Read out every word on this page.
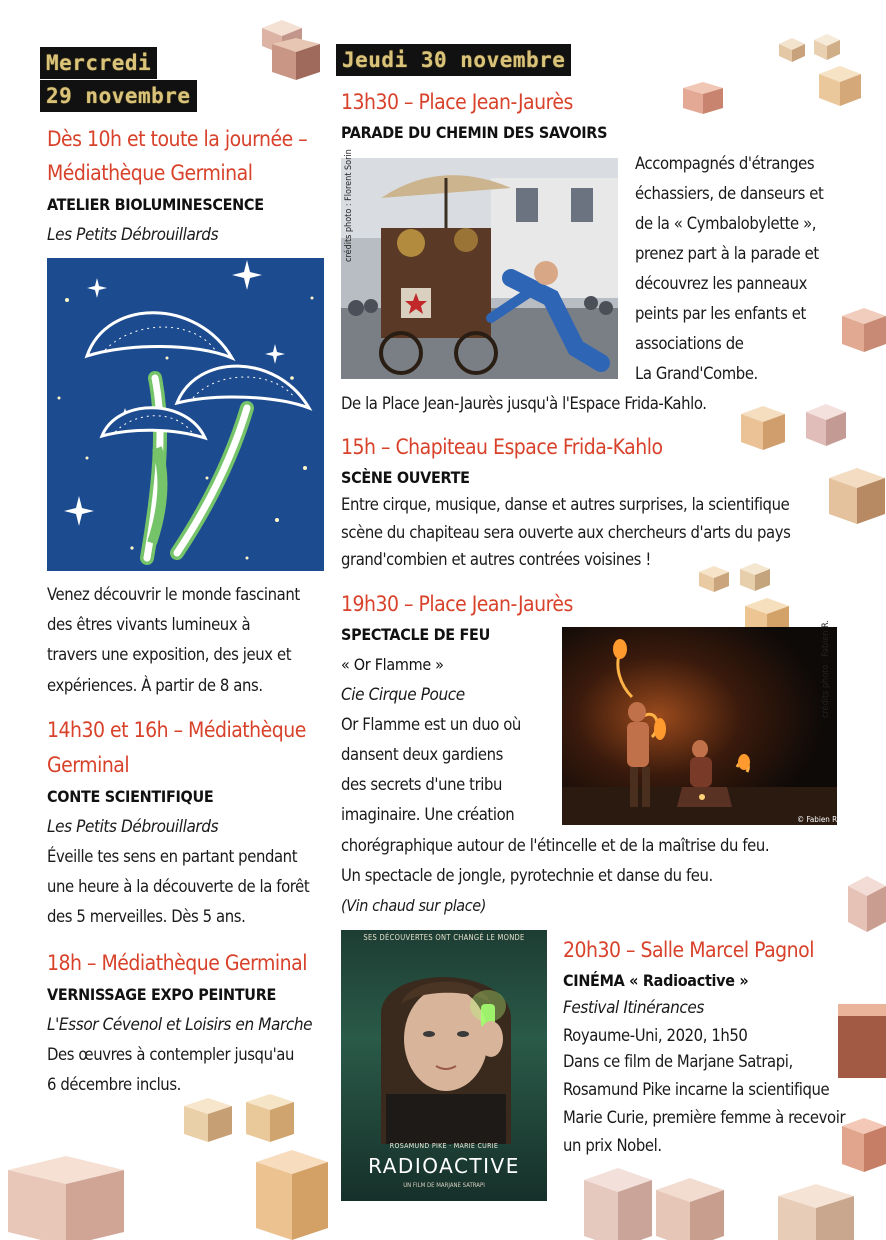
Mercredi
29 novembre
Dès 10h et toute la journée –
Médiathèque Germinal
ATELIER BIOLUMINESCENCE
Les Petits Débrouillards
Venez découvrir le monde fascinant
des êtres vivants lumineux à
travers une exposition, des jeux et
expériences. À partir de 8 ans.
14h30 et 16h – Médiathèque
Germinal
CONTE SCIENTIFIQUE
Les Petits Débrouillards
Éveille tes sens en partant pendant
une heure à la découverte de la forêt
des 5 merveilles. Dès 5 ans.
18h – Médiathèque Germinal
VERNISSAGE EXPO PEINTURE
L'Essor Cévenol et Loisirs en Marche
Des œuvres à contempler jusqu'au
6 décembre inclus.
Jeudi 30 novembre
13h30 – Place Jean-Jaurès
PARADE DU CHEMIN DES SAVOIRS
crédits photo : Florent Sorin	Accompagnés d'étranges
échassiers, de danseurs et
de la « Cymbalobylette »,
prenez part à la parade et
découvrez les panneaux
peints par les enfants et
associations de
La Grand'Combe.
De la Place Jean-Jaurès jusqu'à l'Espace Frida-Kahlo.
15h – Chapiteau Espace Frida-Kahlo
SCÈNE OUVERTE
Entre cirque, musique, danse et autres surprises, la scientifique
scène du chapiteau sera ouverte aux chercheurs d'arts du pays
grand'combien et autres contrées voisines !
19h30 – Place Jean-Jaurès
SPECTACLE DE FEU
« Or Flamme »
Cie Cirque Pouce
Or Flamme est un duo où
dansent deux gardiens
des secrets d'une tribu
imaginaire. Une création
crédits photo : Fabien R.
© Fabien R.
chorégraphique autour de l'étincelle et de la maîtrise du feu.
Un spectacle de jongle, pyrotechnie et danse du feu.
(Vin chaud sur place)
SES DÉCOUVERTES ONT CHANGÉ LE MONDE
ROSAMUND PIKE · MARIE CURIE
RADIOACTIVE
UN FILM DE MARJANE SATRAPI
20h30 – Salle Marcel Pagnol
CINÉMA « Radioactive »
Festival Itinérances
Royaume-Uni, 2020, 1h50
Dans ce film de Marjane Satrapi,
Rosamund Pike incarne la scientifique
Marie Curie, première femme à recevoir
un prix Nobel.
